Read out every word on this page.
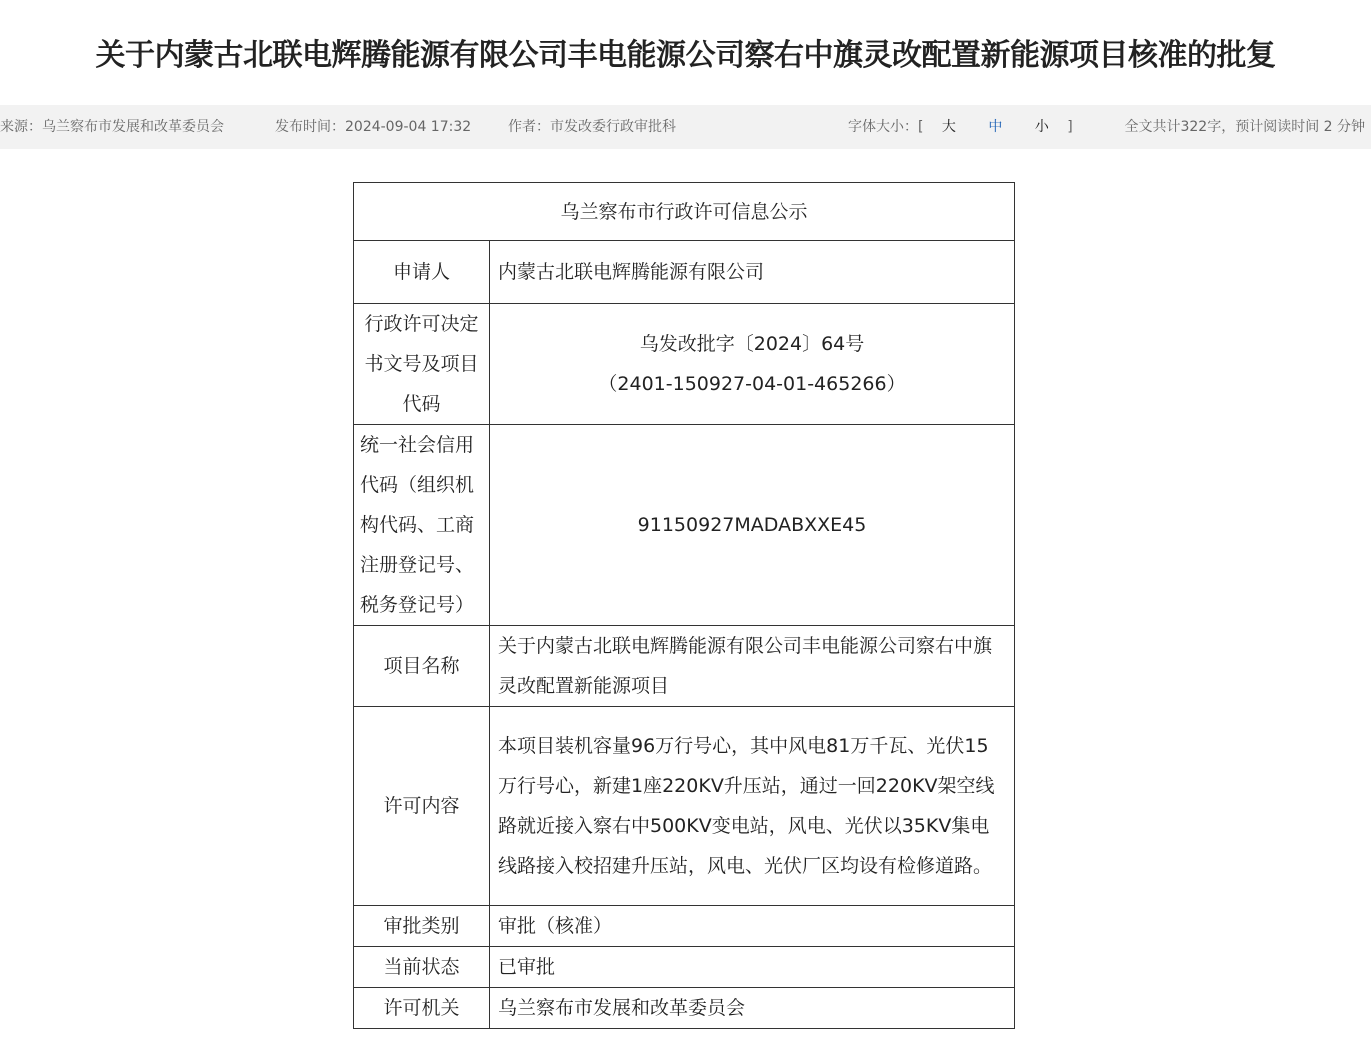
关于内蒙古北联电辉腾能源有限公司丰电能源公司察右中旗灵改配置新能源项目核准的批复
来源：乌兰察布市发展和改革委员会	发布时间：2024-09-04 17:32	作者：市发改委行政审批科	字体大小：[ 大 中 小 ]	全文共计322字，预计阅读时间 2 分钟
乌兰察布市行政许可信息公示	
申请人	内蒙古北联电辉腾能源有限公司
行政许可决定书文号及项目代码	乌发改批字〔2024〕64号
（2401-150927-04-01-465266）

统一社会信用代码（组织机构代码、工商注册登记号、税务登记号）	91150927MADABXXE45
项目名称	关于内蒙古北联电辉腾能源有限公司丰电能源公司察右中旗灵改配置新能源项目
许可内容	本项目装机容量96万行号心，其中风电81万千瓦、光伏15万行号心，新建1座220KV升压站，通过一回220KV架空线路就近接入察右中500KV变电站，风电、光伏以35KV集电线路接入校招建升压站，风电、光伏厂区均设有检修道路。
审批类别	审批（核准）
当前状态	已审批
许可机关	乌兰察布市发展和改革委员会
